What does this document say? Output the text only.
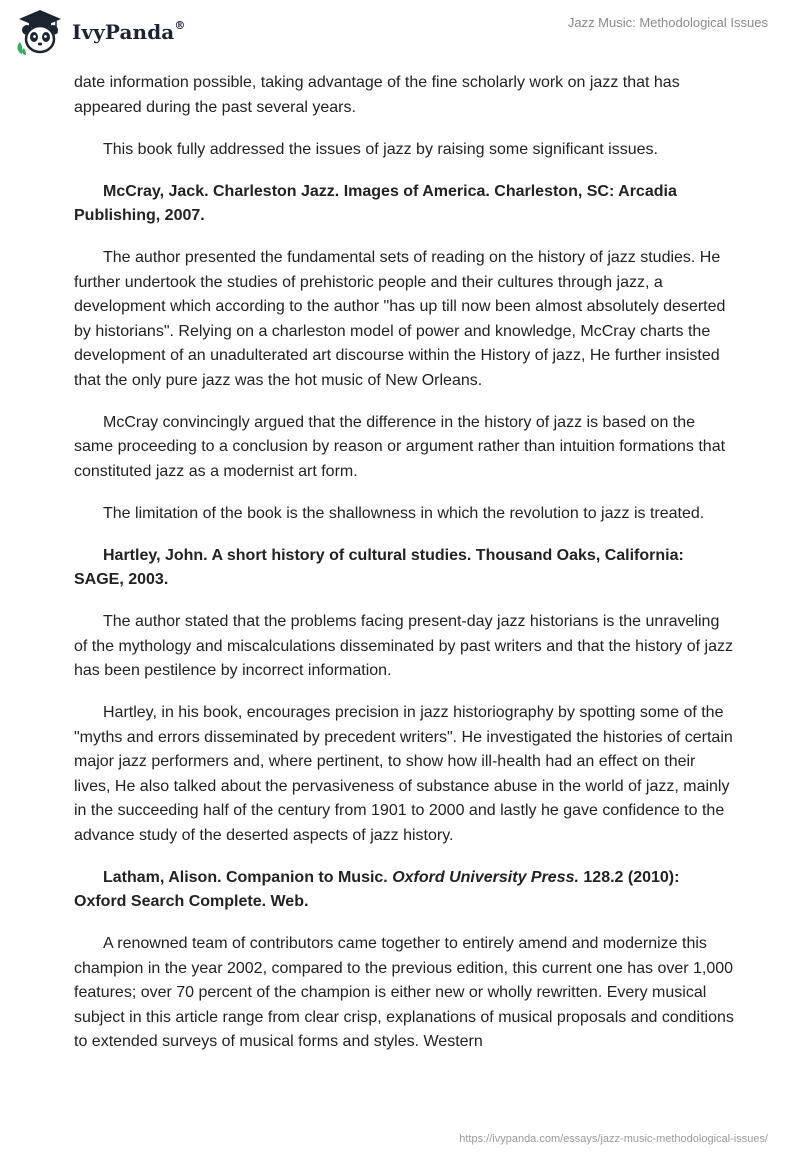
IvyPanda®	Jazz Music: Methodological Issues

date information possible, taking advantage of the fine scholarly work on jazz that has appeared during the past several years.

This book fully addressed the issues of jazz by raising some significant issues.

McCray, Jack. Charleston Jazz. Images of America. Charleston, SC: Arcadia Publishing, 2007.

The author presented the fundamental sets of reading on the history of jazz studies. He further undertook the studies of prehistoric people and their cultures through jazz, a development which according to the author "has up till now been almost absolutely deserted by historians". Relying on a charleston model of power and knowledge, McCray charts the development of an unadulterated art discourse within the History of jazz, He further insisted that the only pure jazz was the hot music of New Orleans.

McCray convincingly argued that the difference in the history of jazz is based on the same proceeding to a conclusion by reason or argument rather than intuition formations that constituted jazz as a modernist art form.

The limitation of the book is the shallowness in which the revolution to jazz is treated.

Hartley, John. A short history of cultural studies. Thousand Oaks, California: SAGE, 2003.

The author stated that the problems facing present-day jazz historians is the unraveling of the mythology and miscalculations disseminated by past writers and that the history of jazz has been pestilence by incorrect information.

Hartley, in his book, encourages precision in jazz historiography by spotting some of the "myths and errors disseminated by precedent writers". He investigated the histories of certain major jazz performers and, where pertinent, to show how ill-health had an effect on their lives, He also talked about the pervasiveness of substance abuse in the world of jazz, mainly in the succeeding half of the century from 1901 to 2000 and lastly he gave confidence to the advance study of the deserted aspects of jazz history.

Latham, Alison. Companion to Music. Oxford University Press. 128.2 (2010): Oxford Search Complete. Web.

A renowned team of contributors came together to entirely amend and modernize this champion in the year 2002, compared to the previous edition, this current one has over 1,000 features; over 70 percent of the champion is either new or wholly rewritten. Every musical subject in this article range from clear crisp, explanations of musical proposals and conditions to extended surveys of musical forms and styles. Western

https://ivypanda.com/essays/jazz-music-methodological-issues/
